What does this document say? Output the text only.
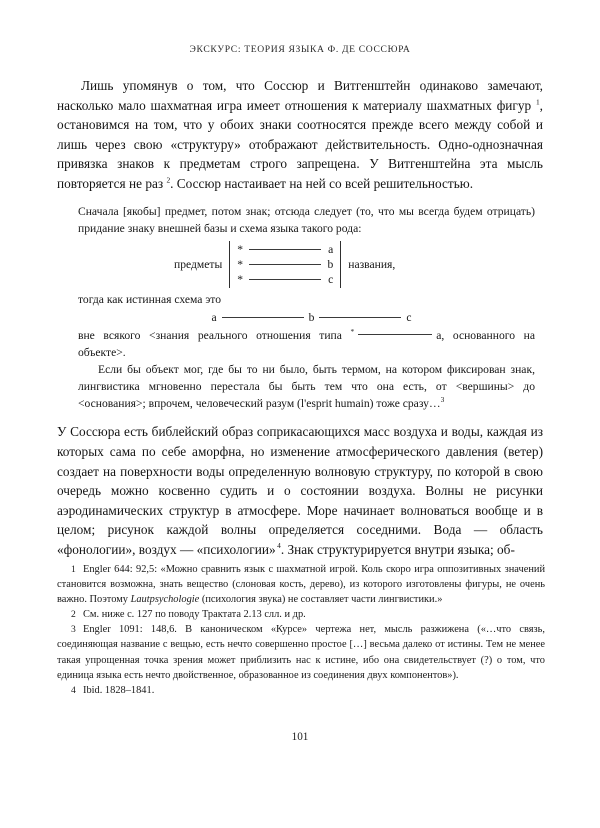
ЭКСКУРС: ТЕОРИЯ ЯЗЫКА Ф. ДЕ СОССЮРА

Лишь упомянув о том, что Соссюр и Витгенштейн одинаково замечают, насколько мало шахматная игра имеет отношения к материалу шахматных фигур $^1$, остановимся на том, что у обоих знаки соотносятся прежде всего между собой и лишь через свою «структуру» отображают действительность. Одно-однозначная привязка знаков к предметам строго запрещена. У Витгенштейна эта мысль повторяется не раз $^2$. Соссюр настаивает на ней со всей решительностью.

Сначала [якобы] предмет, потом знак; отсюда следует (то, что мы всегда будем отрицать) придание знаку внешней базы и схема языка такого рода:

предметы
*	a
*	b
*	c
названия,

тогда как истинная схема это

a	b	c

вне всякого <знания реального отношения типа *	a, основанного на объекте>.

Если бы объект мог, где бы то ни было, быть термом, на котором фиксирован знак, лингвистика мгновенно перестала бы быть тем что она есть, от <вершины> до <основания>; впрочем, человеческий разум (l'esprit humain) тоже сразу…$^3$

У Соссюра есть библейский образ соприкасающихся масс воздуха и воды, каждая из которых сама по себе аморфна, но изменение атмосферического давления (ветер) создает на поверхности воды определенную волновую структуру, по которой в свою очередь можно косвенно судить и о состоянии воздуха. Волны не рисунки аэродинамических структур в атмосфере. Море начинает волноваться вообще и в целом; рисунок каждой волны определяется соседними. Вода — область «фонологии», воздух — «психологии» $^4$. Знак структурируется внутри языка; об-

1 Engler 644: 92,5: «Можно сравнить язык с шахматной игрой. Коль скоро игра оппозитивных значений становится возможна, знать вещество (слоновая кость, дерево), из которого изготовлены фигуры, не очень важно. Поэтому Lautpsychologie (психология звука) не составляет части лингвистики.»

2 См. ниже с. 127 по поводу Трактата 2.13 слл. и др.

3 Engler 1091: 148,6. В каноническом «Курсе» чертежа нет, мысль разжижена («…что связь, соединяющая название с вещью, есть нечто совершенно простое […] весьма далеко от истины. Тем не менее такая упрощенная точка зрения может приблизить нас к истине, ибо она свидетельствует (?) о том, что единица языка есть нечто двойственное, образованное из соединения двух компонентов»).

4 Ibid. 1828–1841.

101
